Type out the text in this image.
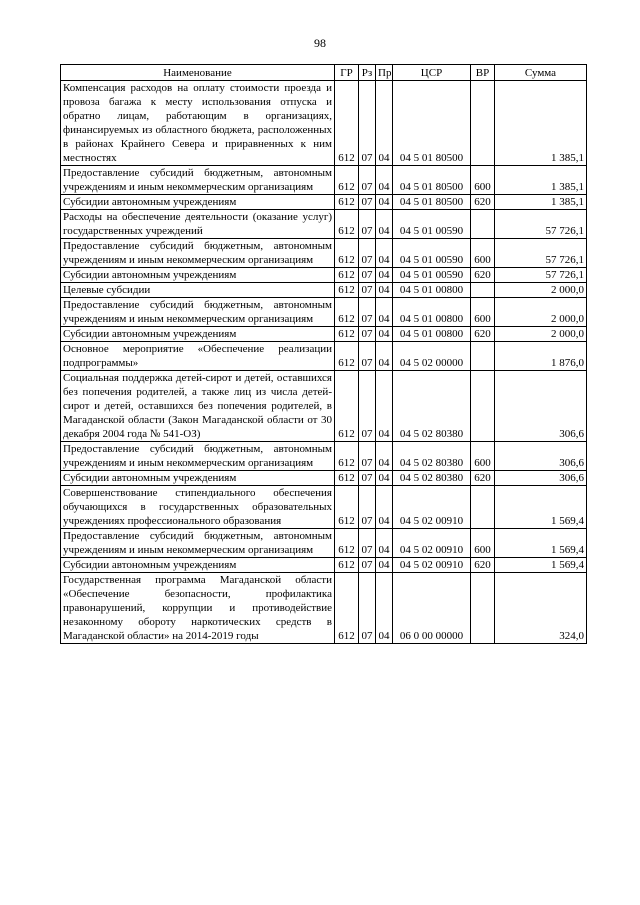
98
Наименование	ГР	Рз	Пр	ЦСР	ВР	Сумма
Компенсация расходов на оплату стоимости проезда и провоза багажа к месту использования отпуска и обратно лицам, работающим в организациях, финансируемых из областного бюджета, расположенных в районах Крайнего Севера и приравненных к ним местностях	612	07	04	04 5 01 80500		1 385,1
Предоставление субсидий бюджетным, автономным учреждениям и иным некоммерческим организациям	612	07	04	04 5 01 80500	600	1 385,1
Субсидии автономным учреждениям	612	07	04	04 5 01 80500	620	1 385,1
Расходы на обеспечение деятельности (оказание услуг) государственных учреждений	612	07	04	04 5 01 00590		57 726,1
Предоставление субсидий бюджетным, автономным учреждениям и иным некоммерческим организациям	612	07	04	04 5 01 00590	600	57 726,1
Субсидии автономным учреждениям	612	07	04	04 5 01 00590	620	57 726,1
Целевые субсидии	612	07	04	04 5 01 00800		2 000,0
Предоставление субсидий бюджетным, автономным учреждениям и иным некоммерческим организациям	612	07	04	04 5 01 00800	600	2 000,0
Субсидии автономным учреждениям	612	07	04	04 5 01 00800	620	2 000,0
Основное мероприятие «Обеспечение реализации подпрограммы»	612	07	04	04 5 02 00000		1 876,0
Социальная поддержка детей-сирот и детей, оставшихся без попечения родителей, а также лиц из числа детей-сирот и детей, оставшихся без попечения родителей, в Магаданской области (Закон Магаданской области от 30 декабря 2004 года № 541-ОЗ)	612	07	04	04 5 02 80380		306,6
Предоставление субсидий бюджетным, автономным учреждениям и иным некоммерческим организациям	612	07	04	04 5 02 80380	600	306,6
Субсидии автономным учреждениям	612	07	04	04 5 02 80380	620	306,6
Совершенствование стипендиального обеспечения обучающихся в государственных образовательных учреждениях профессионального образования	612	07	04	04 5 02 00910		1 569,4
Предоставление субсидий бюджетным, автономным учреждениям и иным некоммерческим организациям	612	07	04	04 5 02 00910	600	1 569,4
Субсидии автономным учреждениям	612	07	04	04 5 02 00910	620	1 569,4
Государственная программа Магаданской области «Обеспечение безопасности, профилактика правонарушений, коррупции и противодействие незаконному обороту наркотических средств в Магаданской области» на 2014-2019 годы	612	07	04	06 0 00 00000		324,0
